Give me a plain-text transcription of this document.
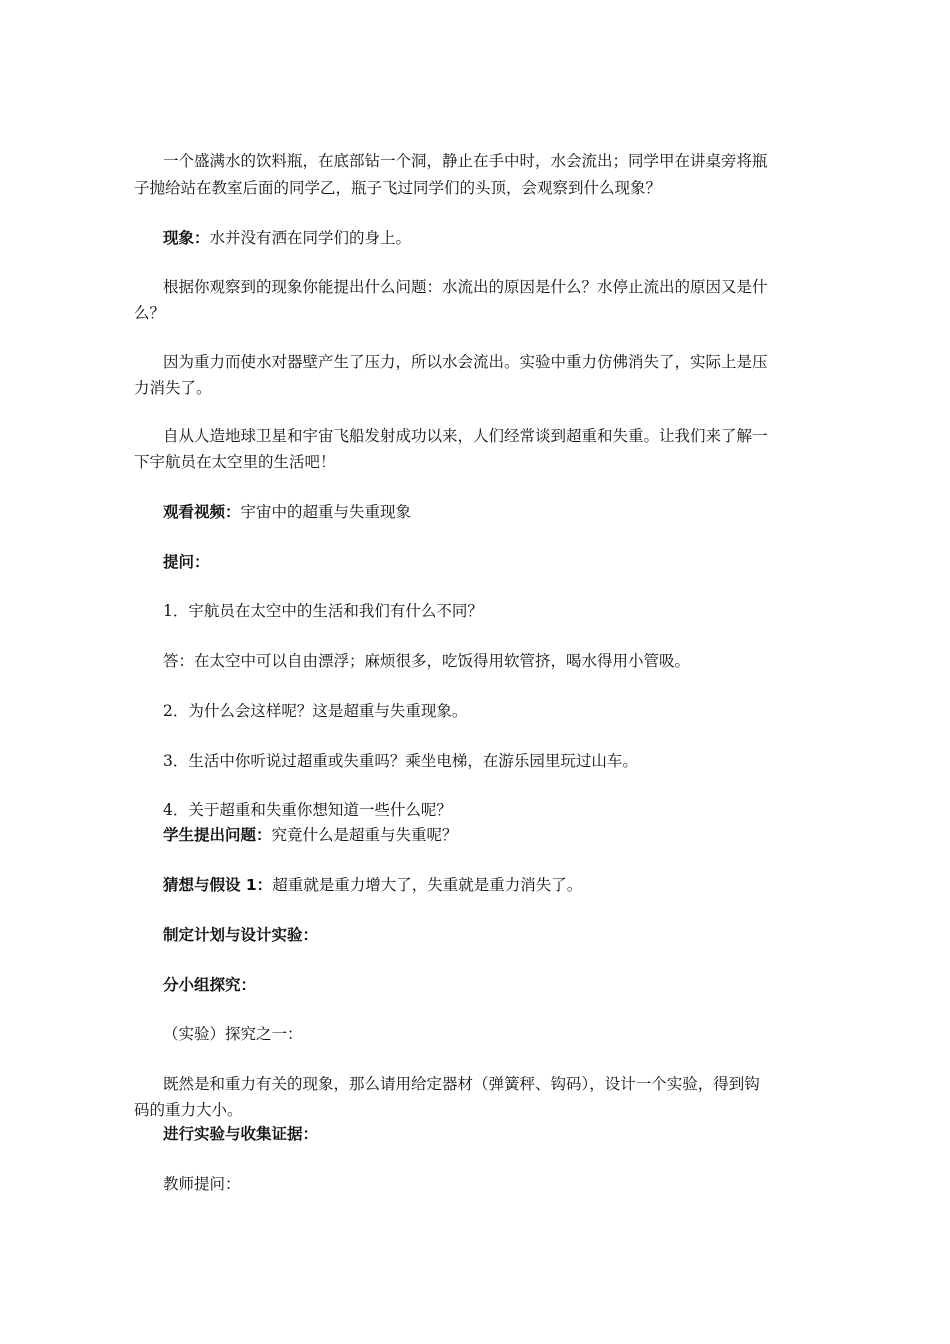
一个盛满水的饮料瓶，在底部钻一个洞，静止在手中时，水会流出；同学甲在讲桌旁将瓶
子抛给站在教室后面的同学乙，瓶子飞过同学们的头顶，会观察到什么现象？
现象：水并没有洒在同学们的身上。
根据你观察到的现象你能提出什么问题：水流出的原因是什么？水停止流出的原因又是什
么？
因为重力而使水对器壁产生了压力，所以水会流出。实验中重力仿佛消失了，实际上是压
力消失了。
自从人造地球卫星和宇宙飞船发射成功以来，人们经常谈到超重和失重。让我们来了解一
下宇航员在太空里的生活吧！
观看视频：宇宙中的超重与失重现象
提问：
1．宇航员在太空中的生活和我们有什么不同？
答：在太空中可以自由漂浮；麻烦很多，吃饭得用软管挤，喝水得用小管吸。
2．为什么会这样呢？这是超重与失重现象。
3．生活中你听说过超重或失重吗？乘坐电梯，在游乐园里玩过山车。
4．关于超重和失重你想知道一些什么呢？
学生提出问题：究竟什么是超重与失重呢？
猜想与假设 1：超重就是重力增大了，失重就是重力消失了。
制定计划与设计实验：
分小组探究：
（实验）探究之一：
既然是和重力有关的现象，那么请用给定器材（弹簧秤、钩码），设计一个实验，得到钩
码的重力大小。
进行实验与收集证据：
教师提问：
